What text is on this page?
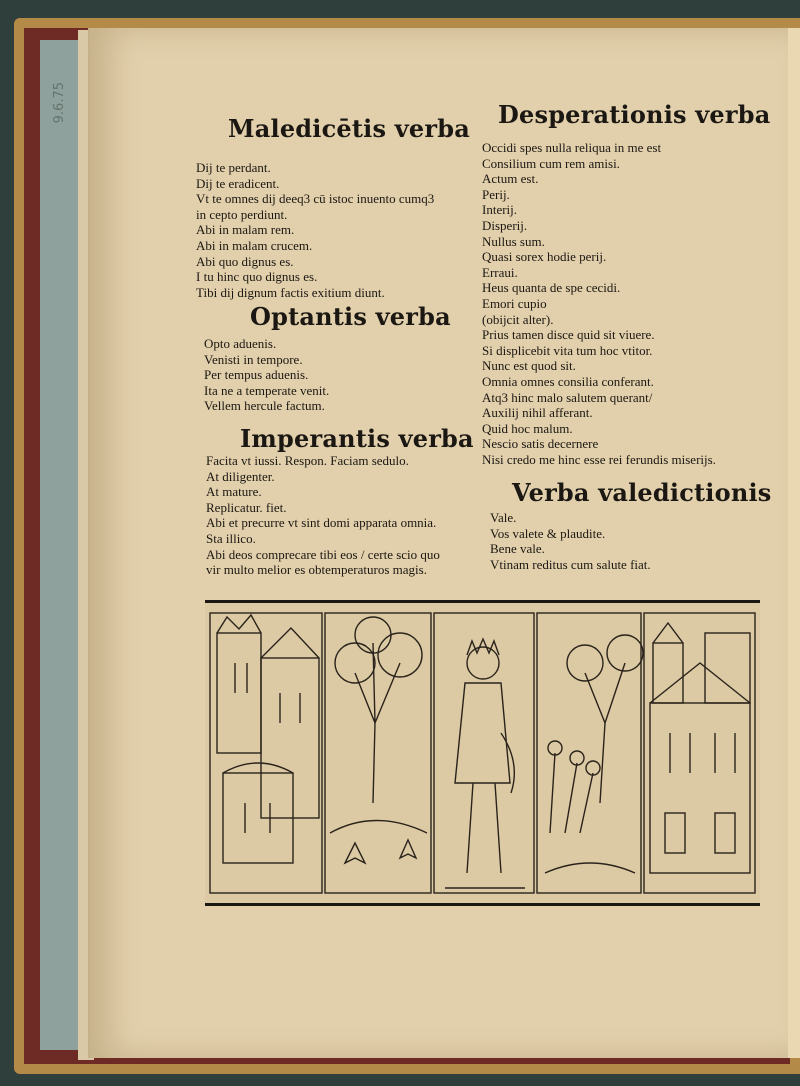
9.6.75
Maledicētis verba
Dij te perdant.
Dij te eradicent.
Vt te omnes dij deeq3 cū istoc inuento cumq3
in cepto perdiunt.
Abi in malam rem.
Abi in malam crucem.
Abi quo dignus es.
I tu hinc quo dignus es.
Tibi dij dignum factis exitium diunt.
Optantis verba
Opto aduenis.
Venisti in tempore.
Per tempus aduenis.
Ita ne a temperate venit.
Vellem hercule factum.
Imperantis verba
Facita vt iussi. Respon. Faciam sedulo.
At diligenter.
At mature.
Replicatur. fiet.
Abi et precurre vt sint domi apparata omnia.
Sta illico.
Abi deos comprecare tibi eos / certe scio quo
vir multo melior es obtemperaturos magis.
Desperationis verba
Occidi spes nulla reliqua in me est
Consilium cum rem amisi.
Actum est.
Perij.
Interij.
Disperij.
Nullus sum.
Quasi sorex hodie perij.
Erraui.
Heus quanta de spe cecidi.
Emori cupio
(obijcit alter).
Prius tamen disce quid sit viuere.
Si displicebit vita tum hoc vtitor.
Nunc est quod sit.
Omnia omnes consilia conferant.
Atq3 hinc malo salutem querant/
Auxilij nihil afferant.
Quid hoc malum.
Nescio satis decernere
Nisi credo me hinc esse rei ferundis miserijs.
Verba valedictionis
Vale.
Vos valete & plaudite.
Bene vale.
Vtinam reditus cum salute fiat.
